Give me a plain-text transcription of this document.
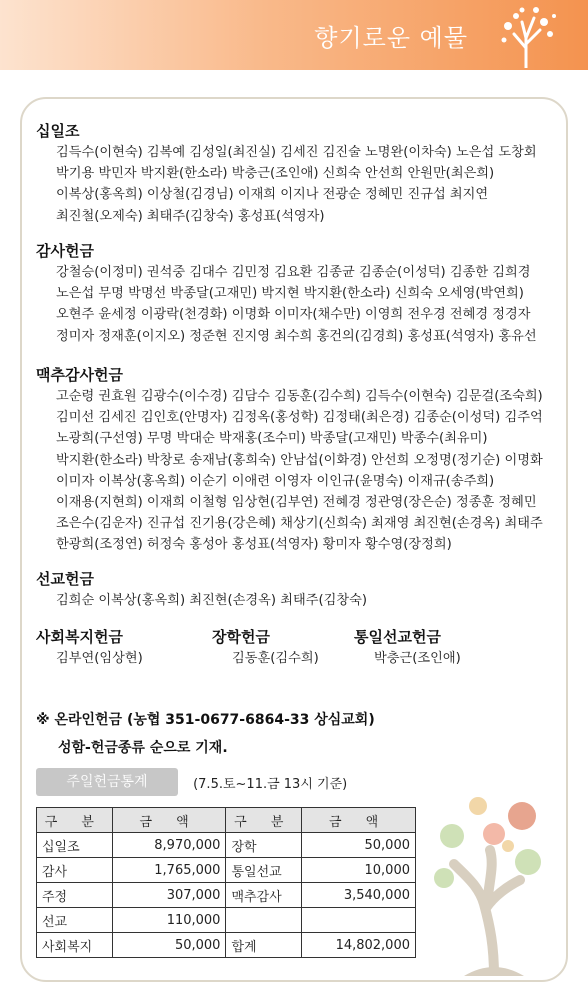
향기로운 예물
십일조
김득수(이현숙) 김복예 김성일(최진실) 김세진 김진술 노명완(이차숙) 노은섭 도창회
박기용 박민자 박지환(한소라) 박충근(조인애) 신희숙 안선희 안원만(최은희)
이복상(홍옥희) 이상철(김경님) 이재희 이지나 전광순 정혜민 진규섭 최지연
최진철(오제숙) 최태주(김창숙) 홍성표(석영자)
감사헌금
강철승(이정미) 권석중 김대수 김민정 김요환 김종균 김종순(이성덕) 김종한 김희경
노은섭 무명 박명선 박종달(고재민) 박지현 박지환(한소라) 신희숙 오세영(박연희)
오현주 윤세정 이광락(천경화) 이명화 이미자(채수만) 이영희 전우경 전혜경 정경자
정미자 정재훈(이지오) 정준현 진지영 최수희 홍건의(김경희) 홍성표(석영자) 홍유선
맥추감사헌금
고순령 권효원 김광수(이수경) 김담수 김동훈(김수희) 김득수(이현숙) 김문걸(조숙희)
김미선 김세진 김인호(안명자) 김정옥(홍성학) 김정태(최은경) 김종순(이성덕) 김주억
노광희(구선영) 무명 박대순 박재홍(조수미) 박종달(고재민) 박종수(최유미)
박지환(한소라) 박창로 송재남(홍희숙) 안남섭(이화경) 안선희 오정명(정기순) 이명화
이미자 이복상(홍옥희) 이순기 이애련 이영자 이인규(윤명숙) 이재규(송주희)
이재용(지현희) 이재희 이철형 임상현(김부연) 전혜경 정관영(장은순) 정종훈 정혜민
조은수(김운자) 진규섭 진기용(강은혜) 채상기(신희숙) 최재영 최진현(손경옥) 최태주
한광희(조정연) 허정숙 홍성아 홍성표(석영자) 황미자 황수영(장정희)
선교헌금
김희순 이복상(홍옥희) 최진현(손경옥) 최태주(김창숙)
사회복지헌금
김부연(임상현)
장학헌금
김동훈(김수희)
통일선교헌금
박충근(조인애)
※ 온라인헌금 (농협 351-0677-6864-33 상심교회)
성함-헌금종류 순으로 기재.
주일헌금통계	(7.5.토~11.금 13시 기준)
구 분	금 액	구 분	금 액
십일조	8,970,000	장학	50,000
감사	1,765,000	통일선교	10,000
주정	307,000	맥추감사	3,540,000
선교	110,000		
사회복지	50,000	합계	14,802,000
